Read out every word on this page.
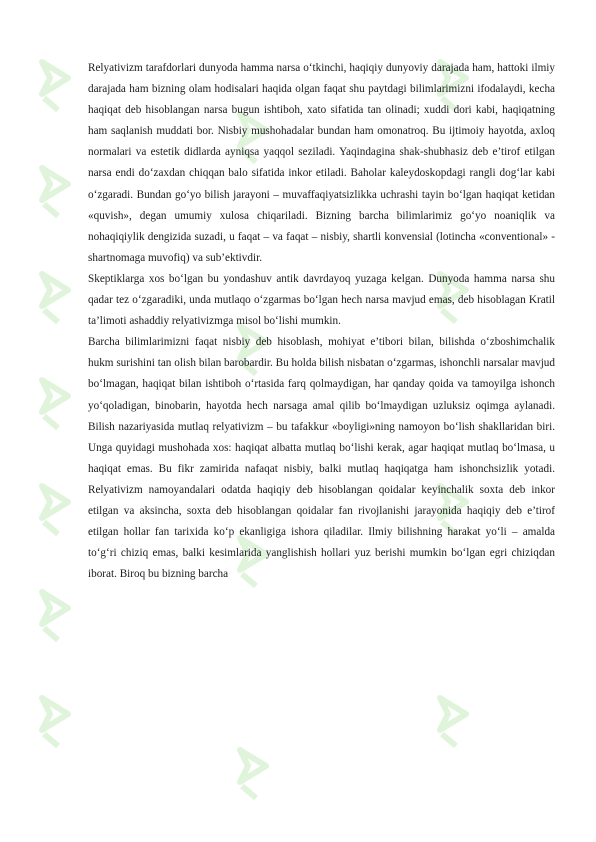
Relyativizm tarafdorlari dunyoda hamma narsa o‘tkinchi, haqiqiy dunyoviy darajada ham, hattoki ilmiy darajada ham bizning olam hodisalari haqida olgan faqat shu paytdagi bilimlarimizni ifodalaydi, kecha haqiqat deb hisoblangan narsa bugun ishtiboh, xato sifatida tan olinadi; xuddi dori kabi, haqiqatning ham saqlanish muddati bor. Nisbiy mushohadalar bundan ham omonatroq. Bu ijtimoiy hayotda, axloq normalari va estetik didlarda ayniqsa yaqqol seziladi. Yaqindagina shak-shubhasiz deb e’tirof etilgan narsa endi do‘zaxdan chiqqan balo sifatida inkor etiladi. Baholar kaleydoskopdagi rangli dog‘lar kabi o‘zgaradi. Bundan go‘yo bilish jarayoni – muvaffaqiyatsizlikka uchrashi tayin bo‘lgan haqiqat ketidan «quvish», degan umumiy xulosa chiqariladi. Bizning barcha bilimlarimiz go‘yo noaniqlik va nohaqiqiylik dengizida suzadi, u faqat – va faqat – nisbiy, shartli konvensial (lotincha «conventional» - shartnomaga muvofiq) va sub’ektivdir.

Skeptiklarga xos bo‘lgan bu yondashuv antik davrdayoq yuzaga kelgan. Dunyoda hamma narsa shu qadar tez o‘zgaradiki, unda mutlaqo o‘zgarmas bo‘lgan hech narsa mavjud emas, deb hisoblagan Kratil ta’limoti ashaddiy relyativizmga misol bo‘lishi mumkin.

Barcha bilimlarimizni faqat nisbiy deb hisoblash, mohiyat e’tibori bilan, bilishda o‘zboshimchalik hukm surishini tan olish bilan barobardir. Bu holda bilish nisbatan o‘zgarmas, ishonchli narsalar mavjud bo‘lmagan, haqiqat bilan ishtiboh o‘rtasida farq qolmaydigan, har qanday qoida va tamoyilga ishonch yo‘qoladigan, binobarin, hayotda hech narsaga amal qilib bo‘lmaydigan uzluksiz oqimga aylanadi. Bilish nazariyasida mutlaq relyativizm – bu tafakkur «boyligi»ning namoyon bo‘lish shakllaridan biri. Unga quyidagi mushohada xos: haqiqat albatta mutlaq bo‘lishi kerak, agar haqiqat mutlaq bo‘lmasa, u haqiqat emas. Bu fikr zamirida nafaqat nisbiy, balki mutlaq haqiqatga ham ishonchsizlik yotadi. Relyativizm namoyandalari odatda haqiqiy deb hisoblangan qoidalar keyinchalik soxta deb inkor etilgan va aksincha, soxta deb hisoblangan qoidalar fan rivojlanishi jarayonida haqiqiy deb e’tirof etilgan hollar fan tarixida ko‘p ekanligiga ishora qiladilar. Ilmiy bilishning harakat yo‘li – amalda to‘g‘ri chiziq emas, balki kesimlarida yanglishish hollari yuz berishi mumkin bo‘lgan egri chiziqdan iborat. Biroq bu bizning barcha
